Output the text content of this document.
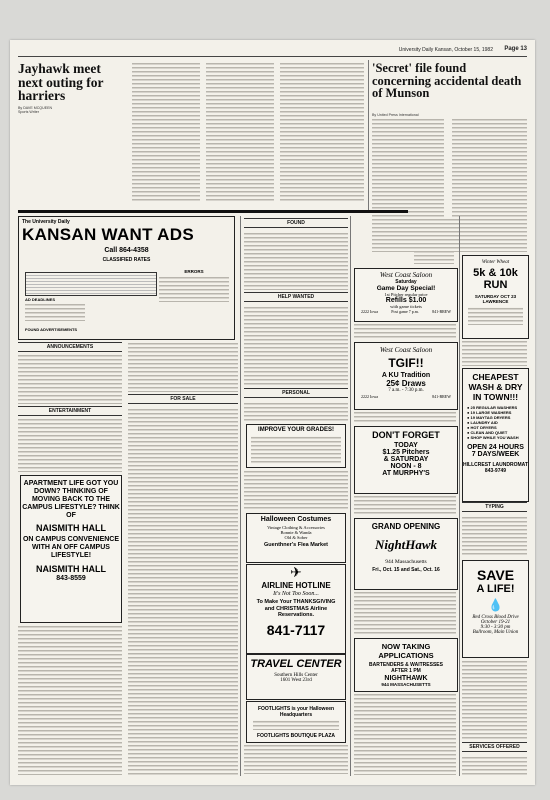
University Daily Kansan, October 15, 1982 Page 13
Jayhawk meet next outing for harriers
By DAVE MCQUEEN
Sports Writer
'Secret' file found concerning accidental death of Munson
By United Press International
The University Daily
KANSAN WANT ADS
Call 864-4358
CLASSIFIED RATES
ERRORS
AD DEADLINES
FOUND ADVERTISEMENTS
ANNOUNCEMENTS
ENTERTAINMENT
APARTMENT LIFE GOT YOU DOWN? THINKING OF MOVING BACK TO THE CAMPUS LIFESTYLE? THINK OF
NAISMITH HALL
ON CAMPUS CONVENIENCE WITH AN OFF CAMPUS LIFESTYLE!
NAISMITH HALL
843-8559
FOR SALE
FOUND
HELP WANTED
PERSONAL
IMPROVE YOUR GRADES!
Halloween Costumes
Vintage Clothing & Accessories
Bonnie & Wanda
Old & Sober
Guenthner's Flea Market
✈
AIRLINE HOTLINE
It's Not Too Soon...
To Make Your THANKSGIVING and CHRISTMAS Airline Reservations.
841-7117
TRAVEL CENTER
Southern Hills Center
1601 West 23rd
FOOTLIGHTS is your Halloween Headquarters
FOOTLIGHTS BOUTIQUE PLAZA
West Coast Saloon
Saturday
Game Day Special!
1st Pitcher regular price
Refills $1.00
with game tickets
2222 Iowa	Post game 7 p.m.	841-BREW
West Coast Saloon
TGIF!!
A KU Tradition
25¢ Draws
7 a.m. - 7:30 p.m.
2222 Iowa	841-BREW
DON'T FORGET
TODAY
$1.25 Pitchers
& SATURDAY
NOON - 8
AT MURPHY'S
GRAND OPENING
NightHawk
944 Massachusetts
Fri., Oct. 15 and Sat., Oct. 16
NOW TAKING
APPLICATIONS
BARTENDERS & WAITRESSES
AFTER 1 PM
NIGHTHAWK
944 MASSACHUSETTS
Winter Wheat
5k & 10k
RUN
SATURDAY OCT 23
LAWRENCE
CHEAPEST
WASH & DRY
IN TOWN!!!
● 25 REGULAR WASHERS
● 19 LARGE WASHERS
● 19 MAYTAG DRYERS
● LAUNDRY AID
● HOT DRYERS
● CLEAN AND QUIET
● SHOP WHILE YOU WASH
OPEN 24 HOURS
7 DAYS/WEEK
HILLCREST LAUNDROMAT
843-9749
TYPING
SAVE
A LIFE!
💧
Red Cross Blood Drive
October 19-21
9:30 - 3:30 pm
Ballroom, Main Union
SERVICES OFFERED
